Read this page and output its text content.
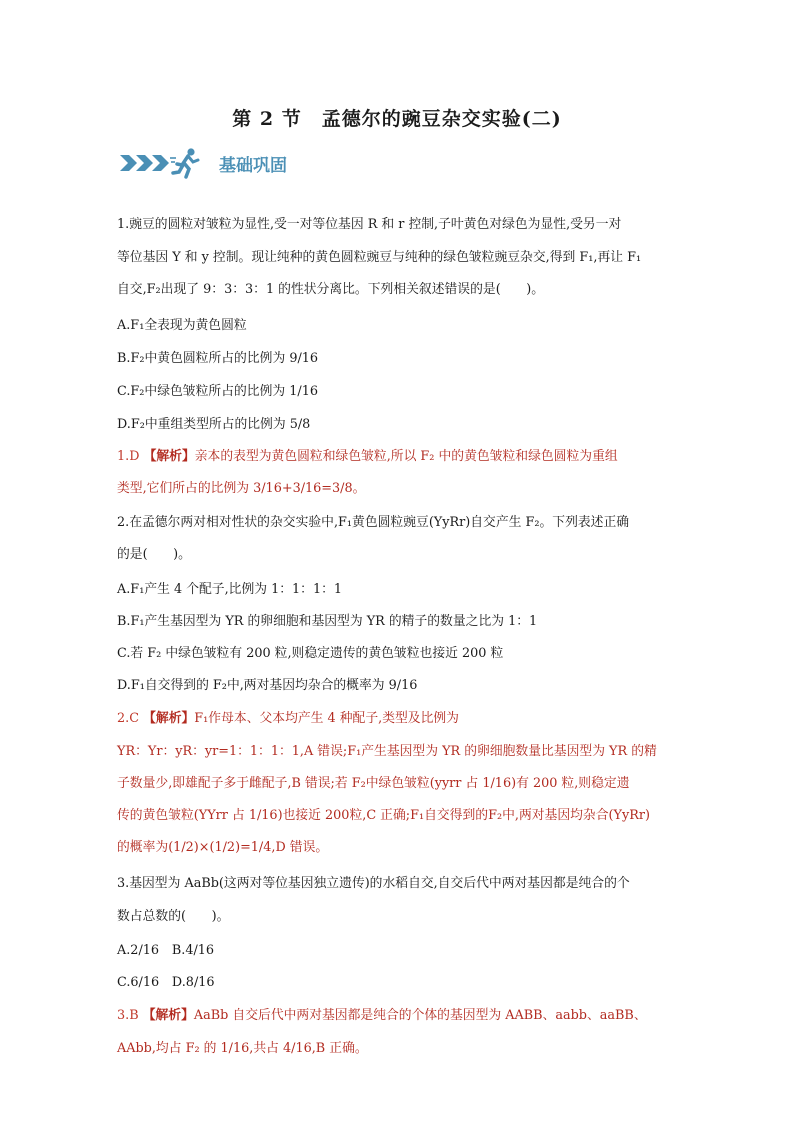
第 2 节　孟德尔的豌豆杂交实验(二)
基础巩固
1.豌豆的圆粒对皱粒为显性,受一对等位基因 R 和 r 控制,子叶黄色对绿色为显性,受另一对
等位基因 Y 和 y 控制。现让纯种的黄色圆粒豌豆与纯种的绿色皱粒豌豆杂交,得到 F₁,再让 F₁
自交,F₂出现了 9：3：3：1 的性状分离比。下列相关叙述错误的是(　　)。
A.F₁全表现为黄色圆粒
B.F₂中黄色圆粒所占的比例为 9/16
C.F₂中绿色皱粒所占的比例为 1/16
D.F₂中重组类型所占的比例为 5/8
1.D 【解析】亲本的表型为黄色圆粒和绿色皱粒,所以 F₂ 中的黄色皱粒和绿色圆粒为重组
类型,它们所占的比例为 3/16+3/16=3/8。
2.在孟德尔两对相对性状的杂交实验中,F₁黄色圆粒豌豆(YyRr)自交产生 F₂。下列表述正确
的是(　　)。
A.F₁产生 4 个配子,比例为 1：1：1：1
B.F₁产生基因型为 YR 的卵细胞和基因型为 YR 的精子的数量之比为 1：1
C.若 F₂ 中绿色皱粒有 200 粒,则稳定遗传的黄色皱粒也接近 200 粒
D.F₁自交得到的 F₂中,两对基因均杂合的概率为 9/16
2.C 【解析】F₁作母本、父本均产生 4 种配子,类型及比例为
YR：Yr：yR：yr=1：1：1：1,A 错误;F₁产生基因型为 YR 的卵细胞数量比基因型为 YR 的精
子数量少,即雄配子多于雌配子,B 错误;若 F₂中绿色皱粒(yyrr 占 1/16)有 200 粒,则稳定遗
传的黄色皱粒(YYrr 占 1/16)也接近 200粒,C 正确;F₁自交得到的F₂中,两对基因均杂合(YyRr)
的概率为(1/2)×(1/2)=1/4,D 错误。
3.基因型为 AaBb(这两对等位基因独立遗传)的水稻自交,自交后代中两对基因都是纯合的个
数占总数的(　　)。
A.2/16　B.4/16
C.6/16　D.8/16
3.B 【解析】AaBb 自交后代中两对基因都是纯合的个体的基因型为 AABB、aabb、aaBB、
AAbb,均占 F₂ 的 1/16,共占 4/16,B 正确。
